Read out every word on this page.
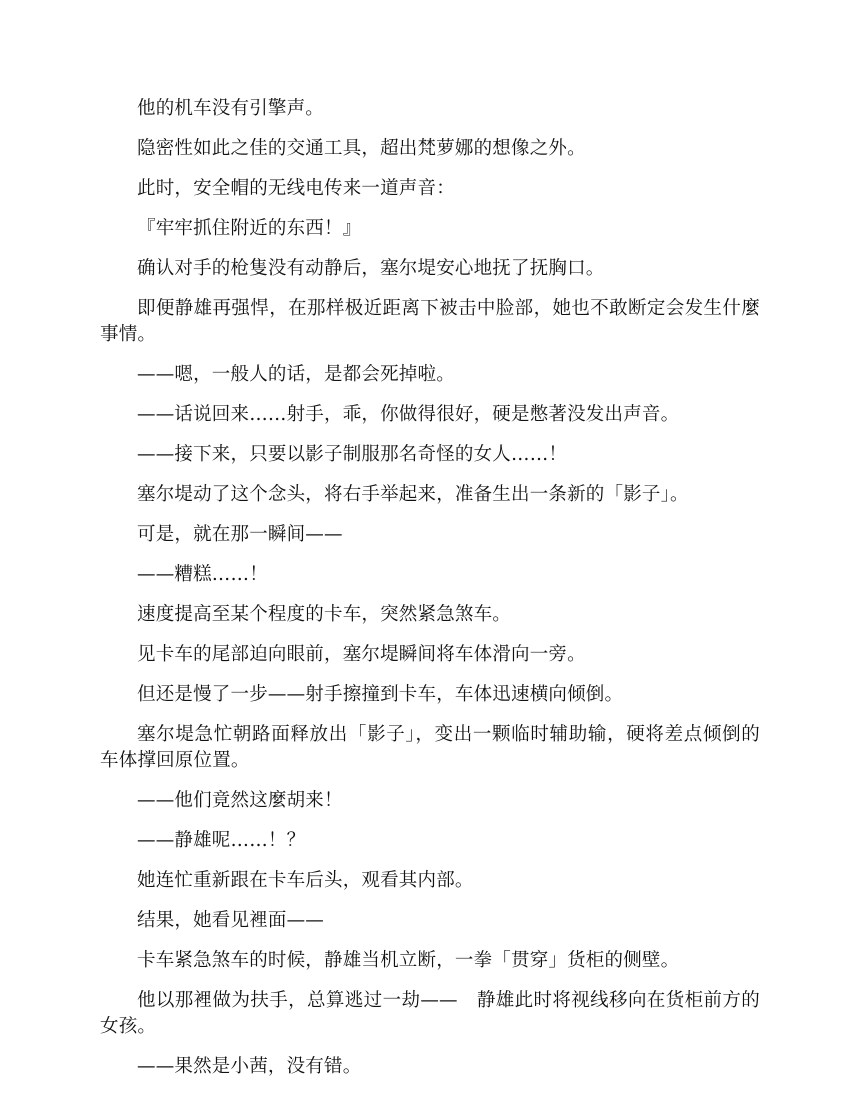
他的机车没有引擎声。

隐密性如此之佳的交通工具，超出梵萝娜的想像之外。

此时，安全帽的无线电传来一道声音：

『牢牢抓住附近的东西！』

确认对手的枪隻没有动静后，塞尔堤安心地抚了抚胸口。

即便静雄再强悍，在那样极近距离下被击中脸部，她也不敢断定会发生什麼事情。

——嗯，一般人的话，是都会死掉啦。

——话说回来……射手，乖，你做得很好，硬是憋著没发出声音。

——接下来，只要以影子制服那名奇怪的女人……！

塞尔堤动了这个念头，将右手举起来，准备生出一条新的「影子」。

可是，就在那一瞬间——

——糟糕……！

速度提高至某个程度的卡车，突然紧急煞车。

见卡车的尾部迫向眼前，塞尔堤瞬间将车体滑向一旁。

但还是慢了一步——射手擦撞到卡车，车体迅速横向倾倒。

塞尔堤急忙朝路面释放出「影子」，变出一颗临时辅助输，硬将差点倾倒的车体撑回原位置。

——他们竟然这麼胡来！

——静雄呢……！？

她连忙重新跟在卡车后头，观看其内部。

结果，她看见裡面——

卡车紧急煞车的时候，静雄当机立断，一拳「贯穿」货柜的侧壁。

他以那裡做为扶手，总算逃过一劫——　静雄此时将视线移向在货柜前方的女孩。

——果然是小茜，没有错。
